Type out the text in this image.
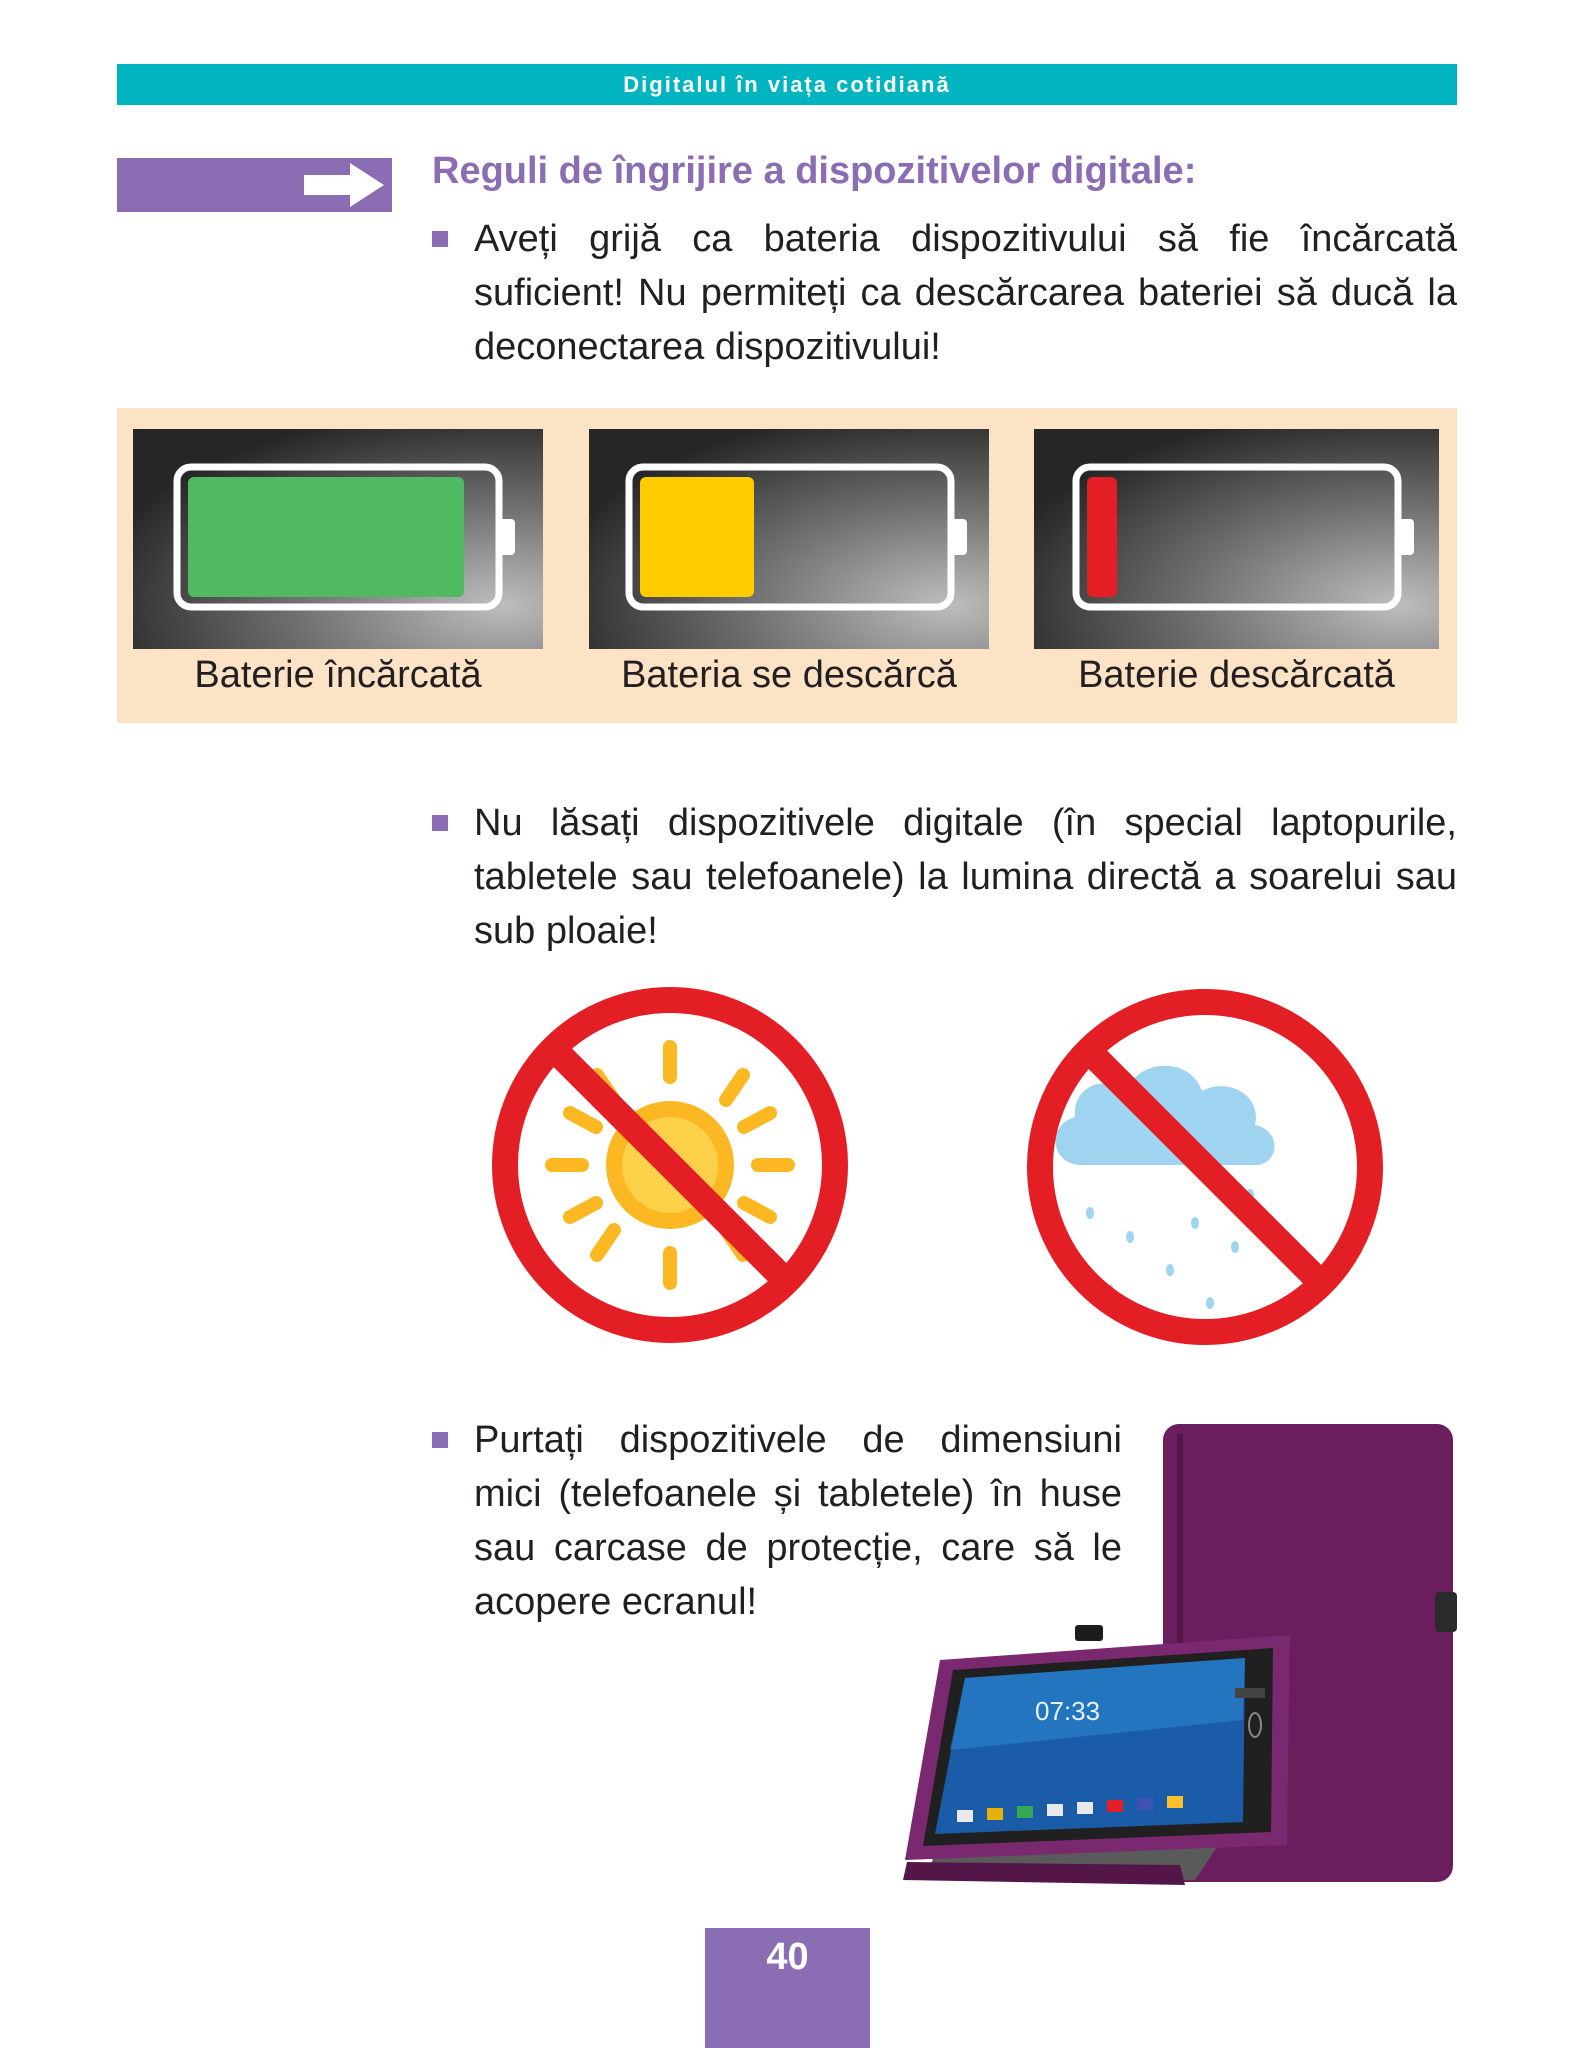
Digitalul în viața cotidiană
Reguli de îngrijire a dispozitivelor digitale:
Aveți grijă ca bateria dispozitivului să fie încărcată suficient! Nu permiteți ca descărcarea bateriei să ducă la deconectarea dispozitivului!
Baterie încărcată	Bateria se descărcă	Baterie descărcată
Nu lăsați dispozitivele digitale (în special laptopurile, tabletele sau telefoanele) la lumina directă a soarelui sau sub ploaie!
Purtați dispozitivele de dimensiuni mici (telefoanele și tabletele) în huse sau carcase de protecție, care să le acopere ecranul!
07:33
40
